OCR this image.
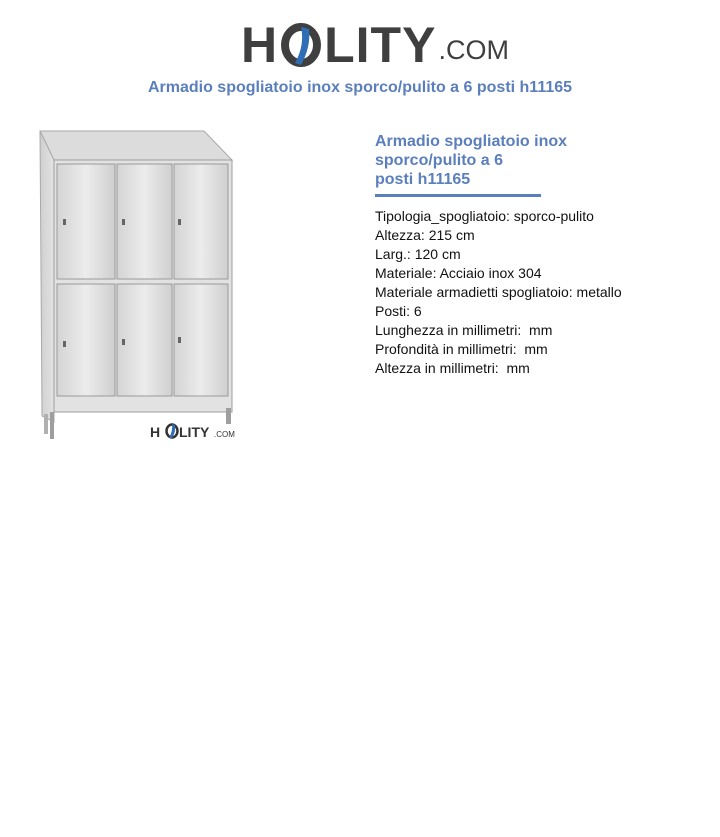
H LITY .COM
Armadio spogliatoio inox sporco/pulito a 6 posti h11165
H LITY .COM
Armadio spogliatoio inox
sporco/pulito a 6
posti h11165
Tipologia_spogliatoio: sporco-pulito
Altezza: 215 cm
Larg.: 120 cm
Materiale: Acciaio inox 304
Materiale armadietti spogliatoio: metallo
Posti: 6
Lunghezza in millimetri:  mm
Profondità in millimetri:  mm
Altezza in millimetri:  mm
